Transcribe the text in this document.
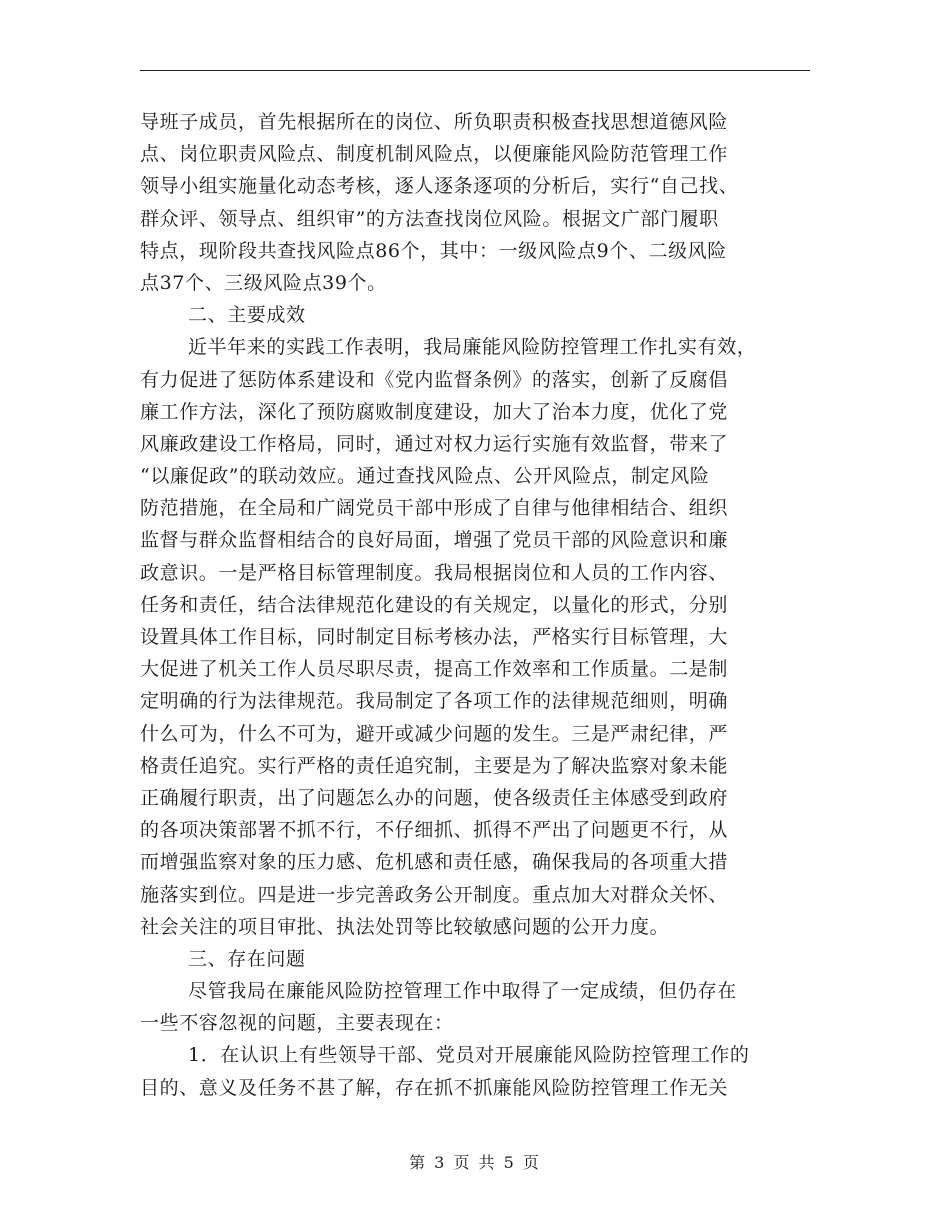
导班子成员，首先根据所在的岗位、所负职责积极查找思想道德风险
点、岗位职责风险点、制度机制风险点，以便廉能风险防范管理工作
领导小组实施量化动态考核，逐人逐条逐项的分析后，实行“自己找、
群众评、领导点、组织审”的方法查找岗位风险。根据文广部门履职
特点，现阶段共查找风险点86个，其中：一级风险点9个、二级风险
点37个、三级风险点39个。
二、主要成效
近半年来的实践工作表明，我局廉能风险防控管理工作扎实有效，
有力促进了惩防体系建设和《党内监督条例》的落实，创新了反腐倡
廉工作方法，深化了预防腐败制度建设，加大了治本力度，优化了党
风廉政建设工作格局，同时，通过对权力运行实施有效监督，带来了
“以廉促政”的联动效应。通过查找风险点、公开风险点，制定风险
防范措施，在全局和广阔党员干部中形成了自律与他律相结合、组织
监督与群众监督相结合的良好局面，增强了党员干部的风险意识和廉
政意识。一是严格目标管理制度。我局根据岗位和人员的工作内容、
任务和责任，结合法律规范化建设的有关规定，以量化的形式，分别
设置具体工作目标，同时制定目标考核办法，严格实行目标管理，大
大促进了机关工作人员尽职尽责，提高工作效率和工作质量。二是制
定明确的行为法律规范。我局制定了各项工作的法律规范细则，明确
什么可为，什么不可为，避开或减少问题的发生。三是严肃纪律，严
格责任追究。实行严格的责任追究制，主要是为了解决监察对象未能
正确履行职责，出了问题怎么办的问题，使各级责任主体感受到政府
的各项决策部署不抓不行，不仔细抓、抓得不严出了问题更不行，从
而增强监察对象的压力感、危机感和责任感，确保我局的各项重大措
施落实到位。四是进一步完善政务公开制度。重点加大对群众关怀、
社会关注的项目审批、执法处罚等比较敏感问题的公开力度。
三、存在问题
尽管我局在廉能风险防控管理工作中取得了一定成绩，但仍存在
一些不容忽视的问题，主要表现在：
1．在认识上有些领导干部、党员对开展廉能风险防控管理工作的
目的、意义及任务不甚了解，存在抓不抓廉能风险防控管理工作无关
第 3 页 共 5 页
